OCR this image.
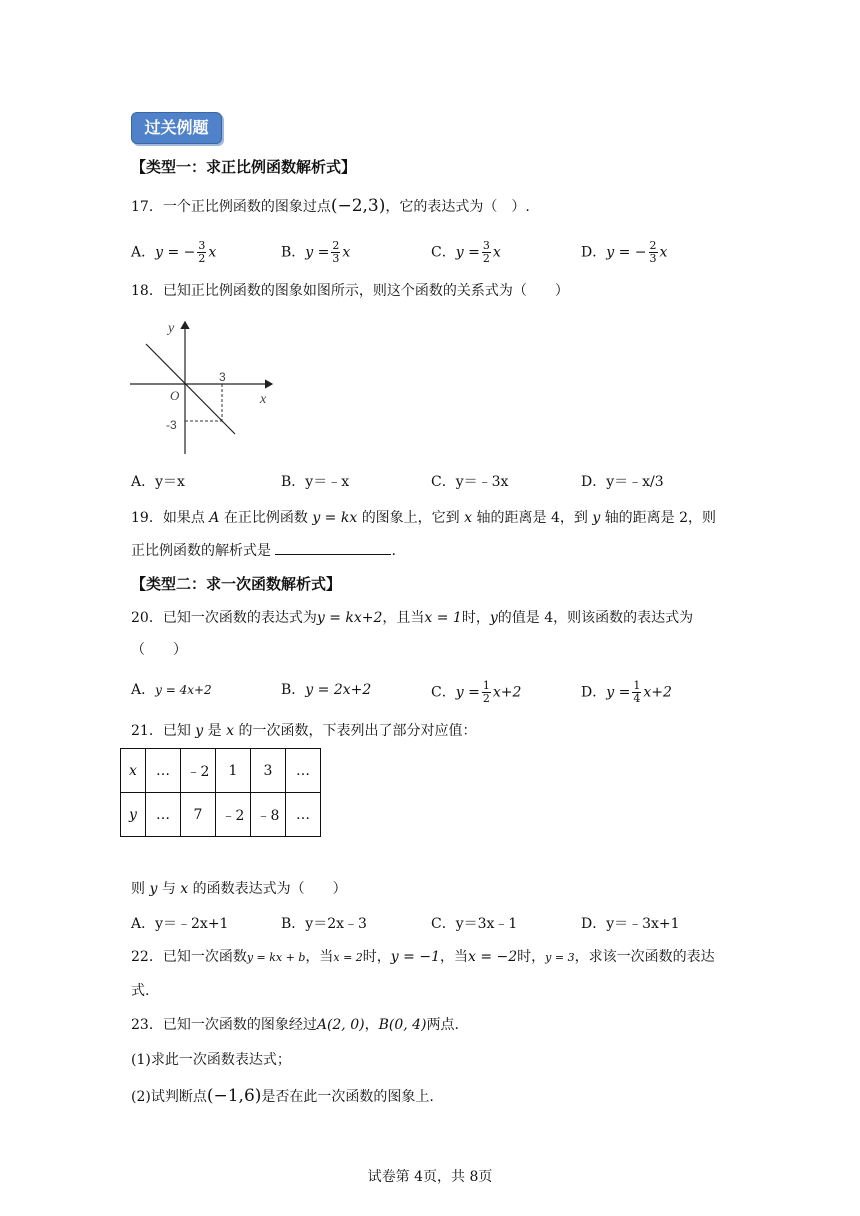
过关例题
【类型一：求正比例函数解析式】
17．一个正比例函数的图象过点(−2,3)，它的表达式为（　）.
A．y = − $\frac{3}{2}$ x	B．$y = \frac{2}{3}$ x	C．$y = \frac{3}{2}$ x	D．y = − $\frac{2}{3}$ x
18．已知正比例函数的图象如图所示，则这个函数的关系式为（　　）
y
x
O
3
-3
A．y＝x	B．y＝﹣x	C．y＝﹣3x	D．y＝﹣x/3
19．如果点 A 在正比例函数 y = kx 的图象上，它到 x 轴的距离是 4，到 y 轴的距离是 2，则
正比例函数的解析式是	.
【类型二：求一次函数解析式】
20．已知一次函数的表达式为y = kx+2，且当x = 1时，y的值是 4，则该函数的表达式为
（　　）
A．y = 4x+2	B．y = 2x+2	C．$y = \frac{1}{2} x+2$	D．$y = \frac{1}{4} x+2$
21．已知 y 是 x 的一次函数，下表列出了部分对应值：
x	…	﹣2	1	3	…
y	…	7	﹣2	﹣8	…
则 y 与 x 的函数表达式为（　　）
A．y＝﹣2x+1	B．y＝2x﹣3	C．y＝3x﹣1	D．y＝﹣3x+1
22．已知一次函数y = kx + b，当x = 2时，y = −1，当x = −2时，y = 3，求该一次函数的表达
式.
23．已知一次函数的图象经过A(2, 0)，B(0, 4)两点.
(1)求此一次函数表达式；
(2)试判断点(−1,6)是否在此一次函数的图象上.
试卷第 4页，共 8页
